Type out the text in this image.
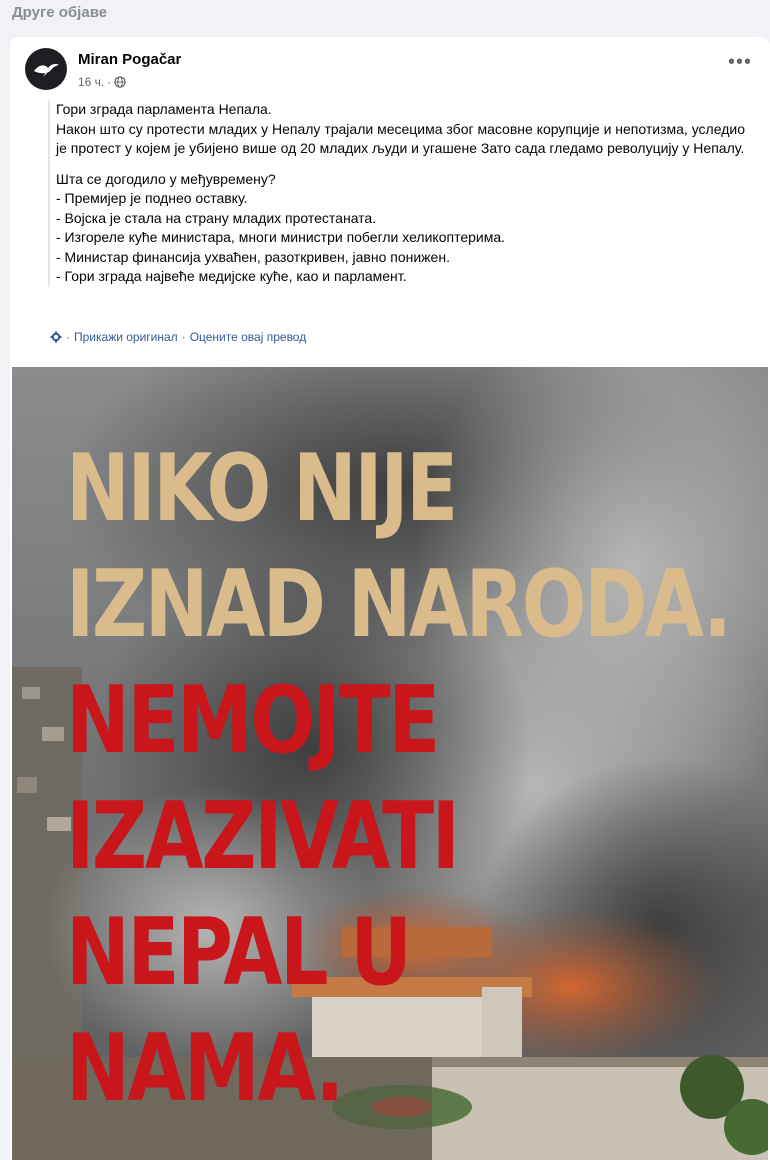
Друге објаве
Miran Pogačar
16 ч. ·
•••

Гори зграда парламента Непала.

Након што су протести младих у Непалу трајали месецима због масовне корупције и непотизма, уследио је протест у којем је убијено више од 20 младих људи и угашене Зато сада гледамо револуцију у Непалу.

Шта се догодило у међувремену?

- Премијер је поднео оставку.

- Војска је стала на страну младих протестаната.

- Изгореле куће министара, многи министри побегли хеликоптерима.

- Министар финансија ухваћен, разоткривен, јавно понижен.

- Гори зграда највеће медијске куће, као и парламент.

· Прикажи оригинал · Оцените овај превод
NIKO NIJE
IZNAD NARODA.
NEMOJTE
IZAZIVATI
NEPAL U
NAMA.
